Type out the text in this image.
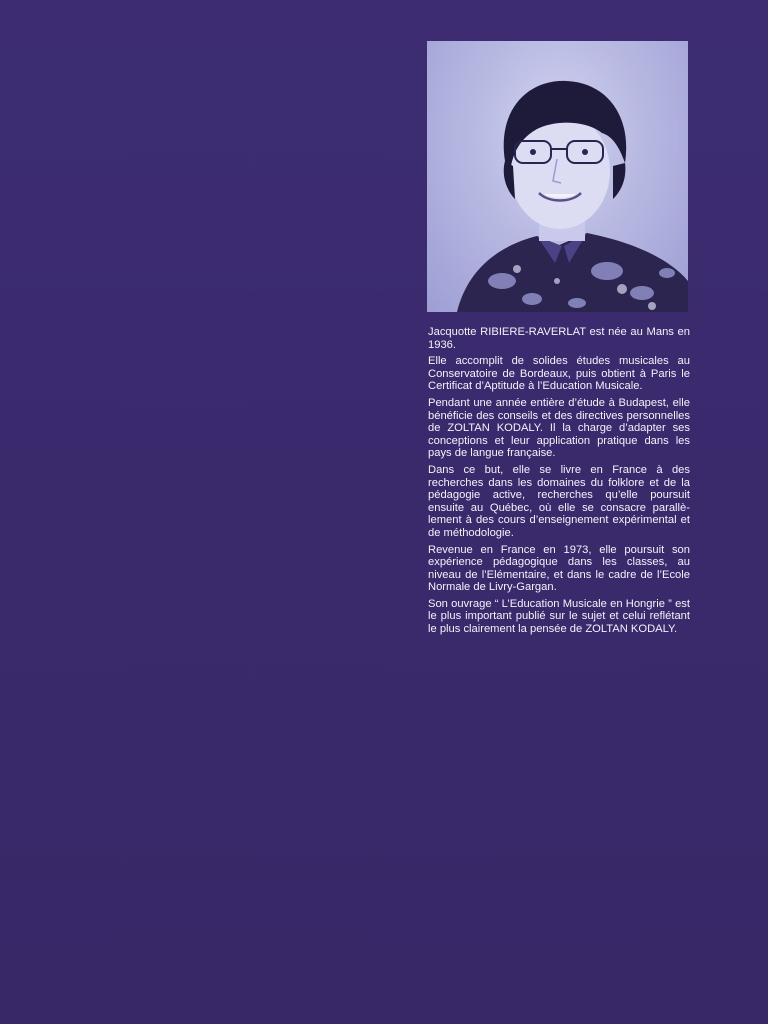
Jacquotte RIBIERE-RAVERLAT est née au Mans en 1936.

Elle accomplit de solides études musicales au Conservatoire de Bordeaux, puis obtient à Paris le Certificat d’Aptitude à l’Education Musicale.

Pendant une année entière d’étude à Budapest, elle bénéficie des conseils et des directives personnelles de ZOLTAN KODALY. Il la charge d’adapter ses conceptions et leur application pratique dans les pays de langue française.

Dans ce but, elle se livre en France à des recherches dans les domaines du folklore et de la pédagogie active, recherches qu’elle poursuit ensuite au Québec, où elle se consacre parallèlement à des cours d’enseignement expérimental et de méthodologie.

Revenue en France en 1973, elle poursuit son expérience pédagogique dans les classes, au niveau de l’Elémentaire, et dans le cadre de l’Ecole Normale de Livry-Gargan.

Son ouvrage “ L’Education Musicale en Hongrie ” est le plus important publié sur le sujet et celui reflétant le plus clairement la pensée de ZOLTAN KODALY.
